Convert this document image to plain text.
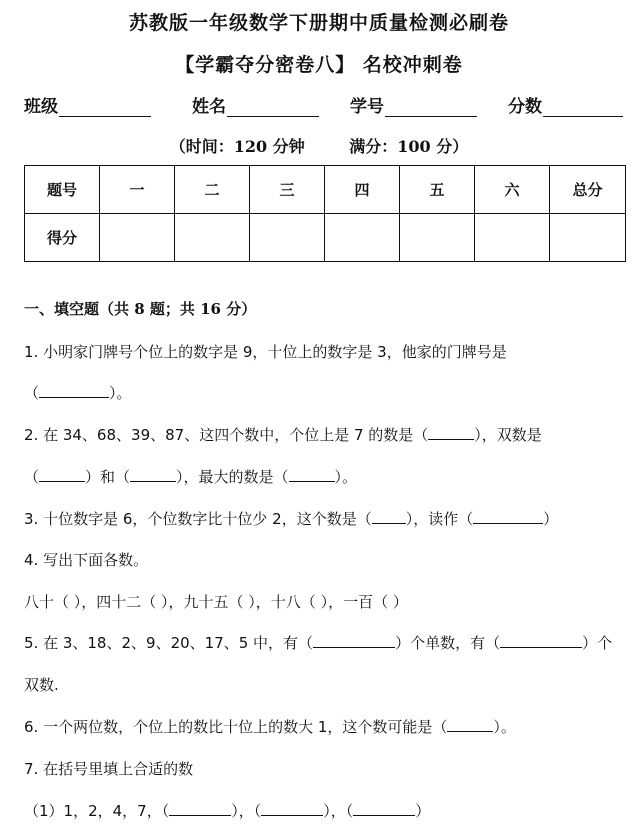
苏教版一年级数学下册期中质量检测必刷卷
【学霸夺分密卷八】 名校冲刺卷
班级	姓名	学号	分数
（时间：120 分钟	满分：100 分）
题号	一	二	三	四	五	六	总分
得分							
一、填空题（共 8 题；共 16 分）
1. 小明家门牌号个位上的数字是 9，十位上的数字是 3，他家的门牌号是
（	）。
2. 在 34、68、39、87、这四个数中，个位上是 7 的数是（	），双数是
（	）和（	），最大的数是（	）。
3. 十位数字是 6，个位数字比十位少 2，这个数是（ ），读作（	）
4. 写出下面各数。
八十（ ），四十二（ ），九十五（ ），十八（ ），一百（ ）
5. 在 3、18、2、9、20、17、5 中，有（	）个单数，有（	）个
双数.
6. 一个两位数，个位上的数比十位上的数大 1，这个数可能是（	）。
7. 在括号里填上合适的数
（1）1，2，4，7，（	），（	），（	）
